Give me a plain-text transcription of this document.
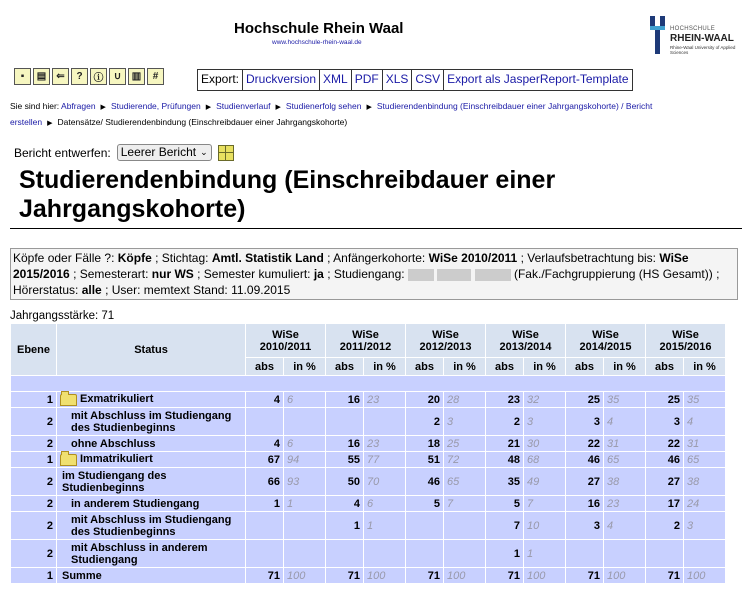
Hochschule Rhein Waal
www.hochschule-rhein-waal.de
HOCHSCHULE
RHEIN-WAAL
Rhine-Waal University of Applied Sciences
▪	▤	⇐	?	ⓘ	∪	▥	#	Export: Druckversion XML PDF XLS CSV Export als JasperReport-Template
Sie sind hier: Abfragen ▶ Studierende, Prüfungen ▶ Studienverlauf ▶ Studienerfolg sehen ▶ Studierendenbindung (Einschreibdauer einer Jahrgangskohorte) / Bericht erstellen ▶ Datensätze/ Studierendenbindung (Einschreibdauer einer Jahrgangskohorte)
Bericht entwerfen: Leerer Bericht ⌄
Studierendenbindung (Einschreibdauer einer Jahrgangskohorte)
Köpfe oder Fälle ?: Köpfe ; Stichtag: Amtl. Statistik Land ; Anfängerkohorte: WiSe 2010/2011 ; Verlaufsbetrachtung bis: WiSe 2015/2016 ; Semesterart: nur WS ; Semester kumuliert: ja ; Studiengang:	(Fak./Fachgruppierung (HS Gesamt)) ; Hörerstatus: alle ; User: memtext Stand: 11.09.2015
Jahrgangsstärke: 71
Ebene	Status	WiSe 2010/2011		WiSe 2011/2012		WiSe 2012/2013		WiSe 2013/2014		WiSe 2014/2015		WiSe 2015/2016	
		abs	in %	abs	in %	abs	in %	abs	in %	abs	in %	abs	in %

1	Exmatrikuliert	4	6	16	23	20	28	23	32	25	35	25	35
2	mit Abschluss im Studiengang des Studienbeginns					2	3	2	3	3	4	3	4
2	ohne Abschluss	4	6	16	23	18	25	21	30	22	31	22	31
1	Immatrikuliert	67	94	55	77	51	72	48	68	46	65	46	65
2	im Studiengang des Studienbeginns	66	93	50	70	46	65	35	49	27	38	27	38
2	in anderem Studiengang	1	1	4	6	5	7	5	7	16	23	17	24
2	mit Abschluss im Studiengang des Studienbeginns			1	1			7	10	3	4	2	3
2	mit Abschluss in anderem Studiengang							1	1				
1	Summe	71	100	71	100	71	100	71	100	71	100	71	100
